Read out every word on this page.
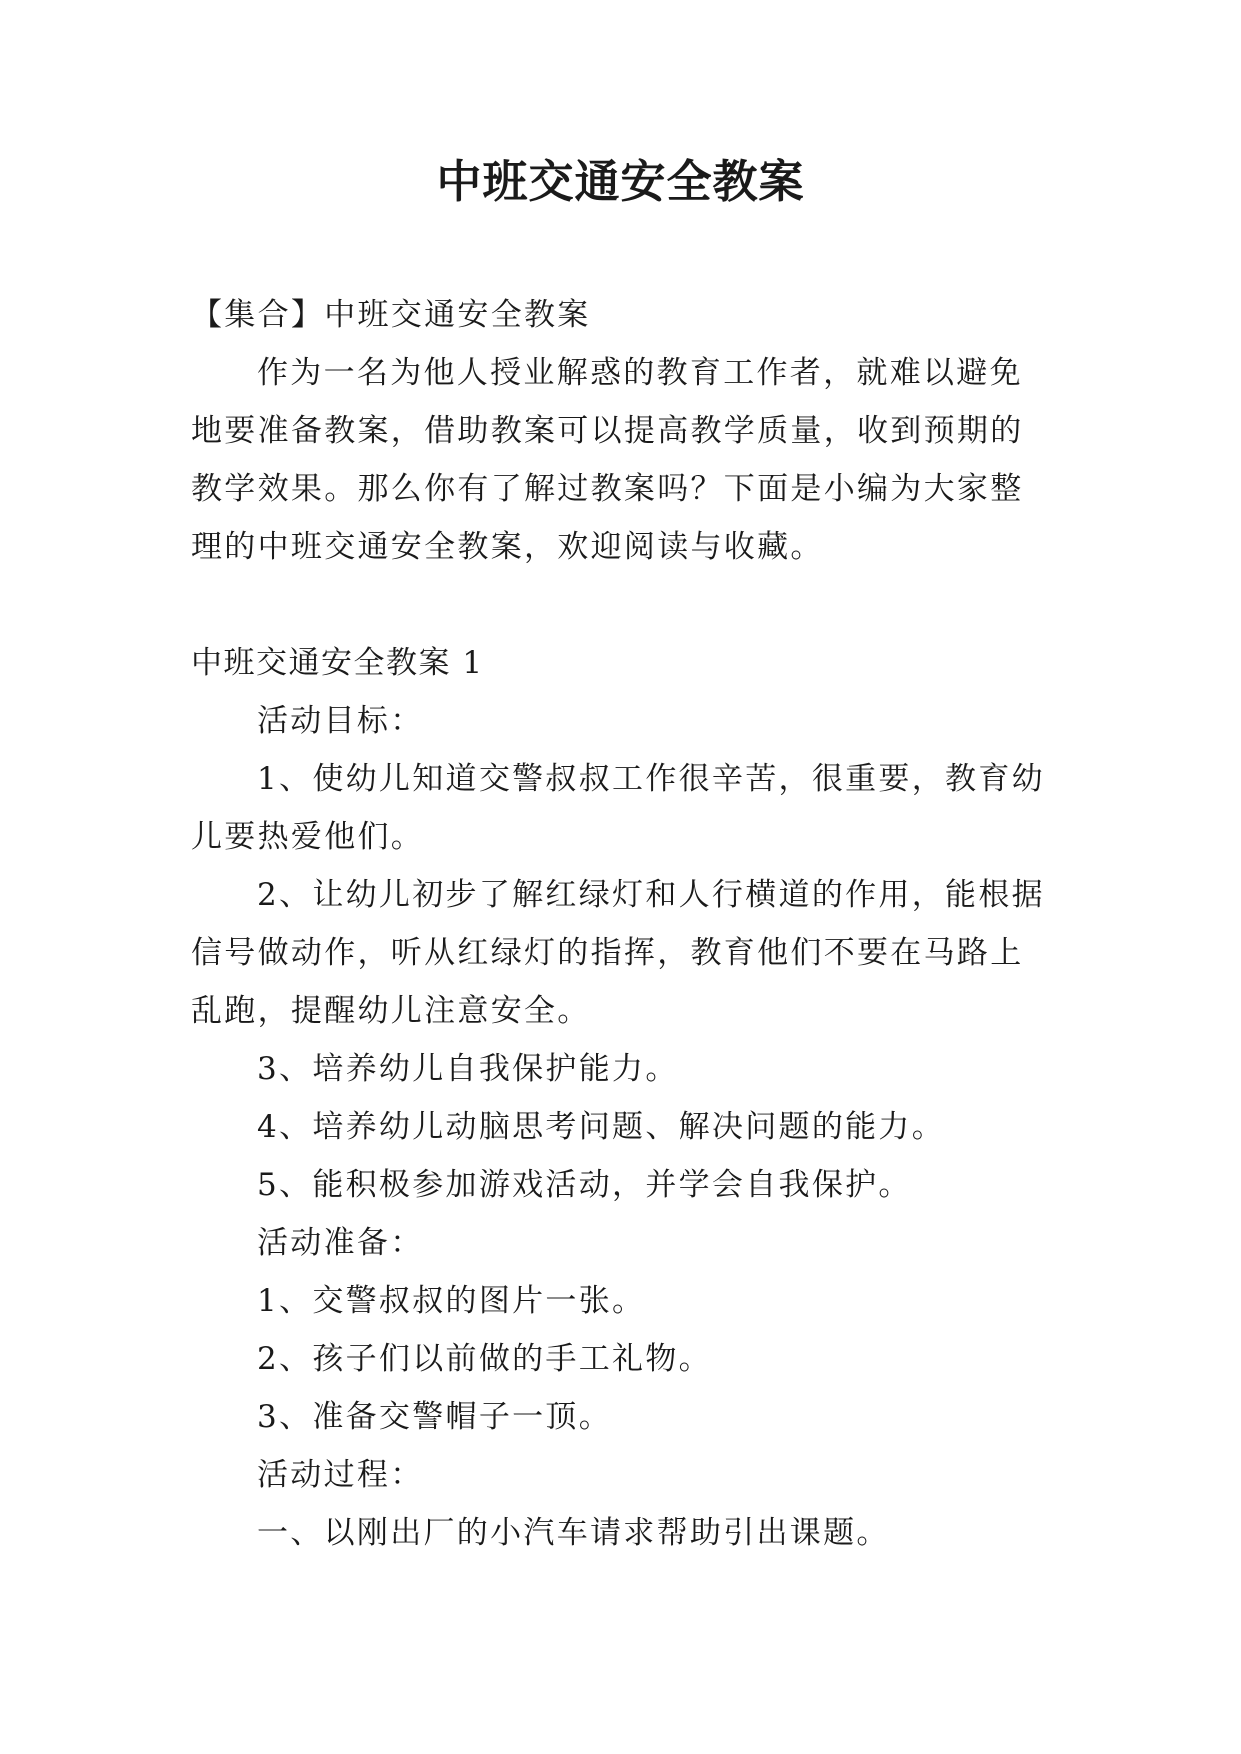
中班交通安全教案

【集合】中班交通安全教案

作为一名为他人授业解惑的教育工作者，就难以避免地要准备教案，借助教案可以提高教学质量，收到预期的教学效果。那么你有了解过教案吗？下面是小编为大家整理的中班交通安全教案，欢迎阅读与收藏。

中班交通安全教案 1

活动目标：

1、使幼儿知道交警叔叔工作很辛苦，很重要，教育幼儿要热爱他们。

2、让幼儿初步了解红绿灯和人行横道的作用，能根据信号做动作，听从红绿灯的指挥，教育他们不要在马路上乱跑，提醒幼儿注意安全。

3、培养幼儿自我保护能力。

4、培养幼儿动脑思考问题、解决问题的能力。

5、能积极参加游戏活动，并学会自我保护。

活动准备：

1、交警叔叔的图片一张。

2、孩子们以前做的手工礼物。

3、准备交警帽子一顶。

活动过程：

一、以刚出厂的小汽车请求帮助引出课题。
